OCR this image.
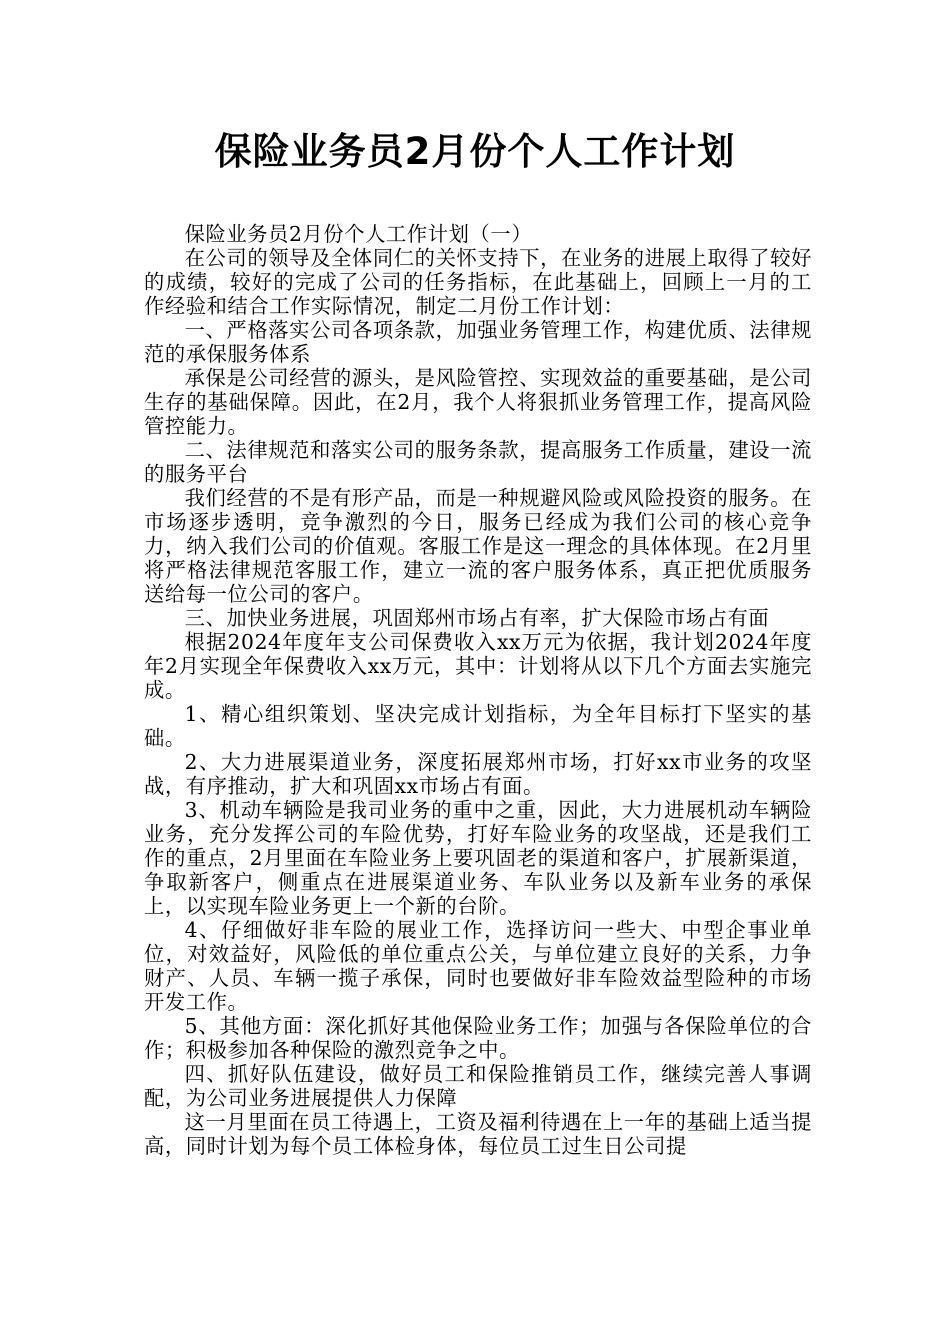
保险业务员2月份个人工作计划

保险业务员2月份个人工作计划（一）

在公司的领导及全体同仁的关怀支持下，在业务的进展上取得了较好的成绩，较好的完成了公司的任务指标，在此基础上，回顾上一月的工作经验和结合工作实际情况，制定二月份工作计划：

一、严格落实公司各项条款，加强业务管理工作，构建优质、法律规范的承保服务体系

承保是公司经营的源头，是风险管控、实现效益的重要基础，是公司生存的基础保障。因此，在2月，我个人将狠抓业务管理工作，提高风险管控能力。

二、法律规范和落实公司的服务条款，提高服务工作质量，建设一流的服务平台

我们经营的不是有形产品，而是一种规避风险或风险投资的服务。在市场逐步透明，竞争激烈的今日，服务已经成为我们公司的核心竞争力，纳入我们公司的价值观。客服工作是这一理念的具体体现。在2月里将严格法律规范客服工作，建立一流的客户服务体系，真正把优质服务送给每一位公司的客户。

三、加快业务进展，巩固郑州市场占有率，扩大保险市场占有面

根据2024年度年支公司保费收入xx万元为依据，我计划2024年度年2月实现全年保费收入xx万元，其中：计划将从以下几个方面去实施完成。

1、精心组织策划、坚决完成计划指标，为全年目标打下坚实的基础。

2、大力进展渠道业务，深度拓展郑州市场，打好xx市业务的攻坚战，有序推动，扩大和巩固xx市场占有面。

3、机动车辆险是我司业务的重中之重，因此，大力进展机动车辆险业务，充分发挥公司的车险优势，打好车险业务的攻坚战，还是我们工作的重点，2月里面在车险业务上要巩固老的渠道和客户，扩展新渠道，争取新客户，侧重点在进展渠道业务、车队业务以及新车业务的承保上，以实现车险业务更上一个新的台阶。

4、仔细做好非车险的展业工作，选择访问一些大、中型企事业单位，对效益好，风险低的单位重点公关，与单位建立良好的关系，力争财产、人员、车辆一揽子承保，同时也要做好非车险效益型险种的市场开发工作。

5、其他方面：深化抓好其他保险业务工作；加强与各保险单位的合作；积极参加各种保险的激烈竞争之中。

四、抓好队伍建设，做好员工和保险推销员工作，继续完善人事调配，为公司业务进展提供人力保障

这一月里面在员工待遇上，工资及福利待遇在上一年的基础上适当提高，同时计划为每个员工体检身体，每位员工过生日公司提
